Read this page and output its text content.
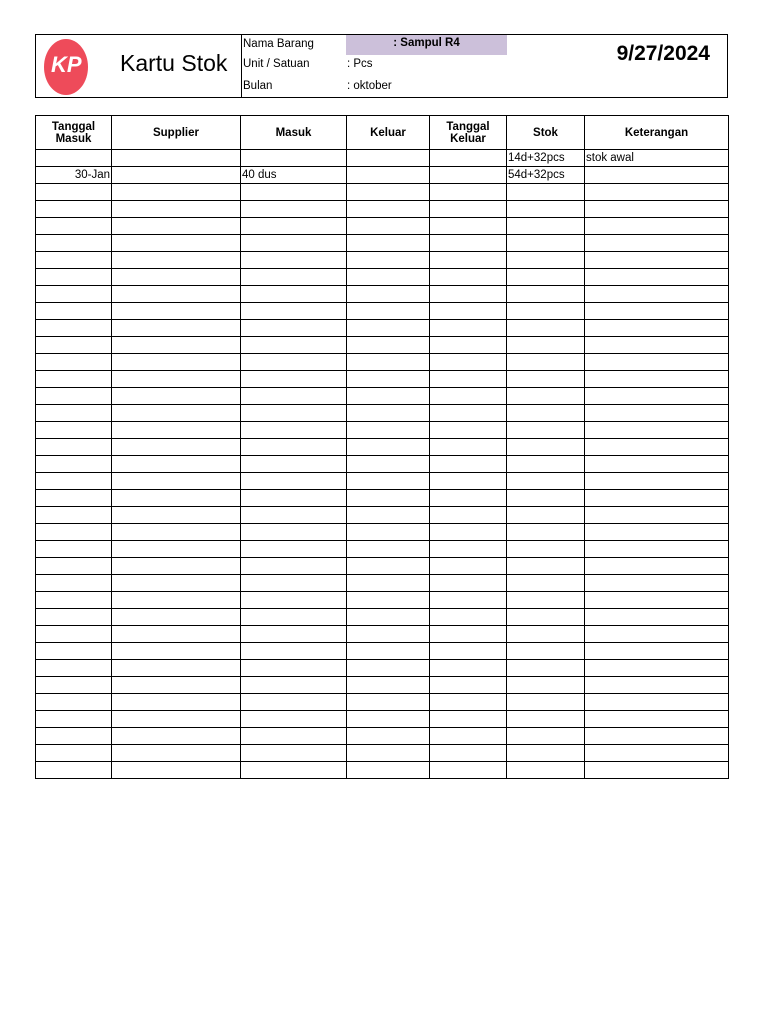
KP Kartu Stok
Nama Barang	: Sampul R4
Unit / Satuan	: Pcs
Bulan	: oktober
9/27/2024
Tanggal Masuk	Supplier	Masuk	Keluar	Tanggal Keluar	Stok	Keterangan
					14d+32pcs	stok awal
30-Jan		40 dus			54d+32pcs	
